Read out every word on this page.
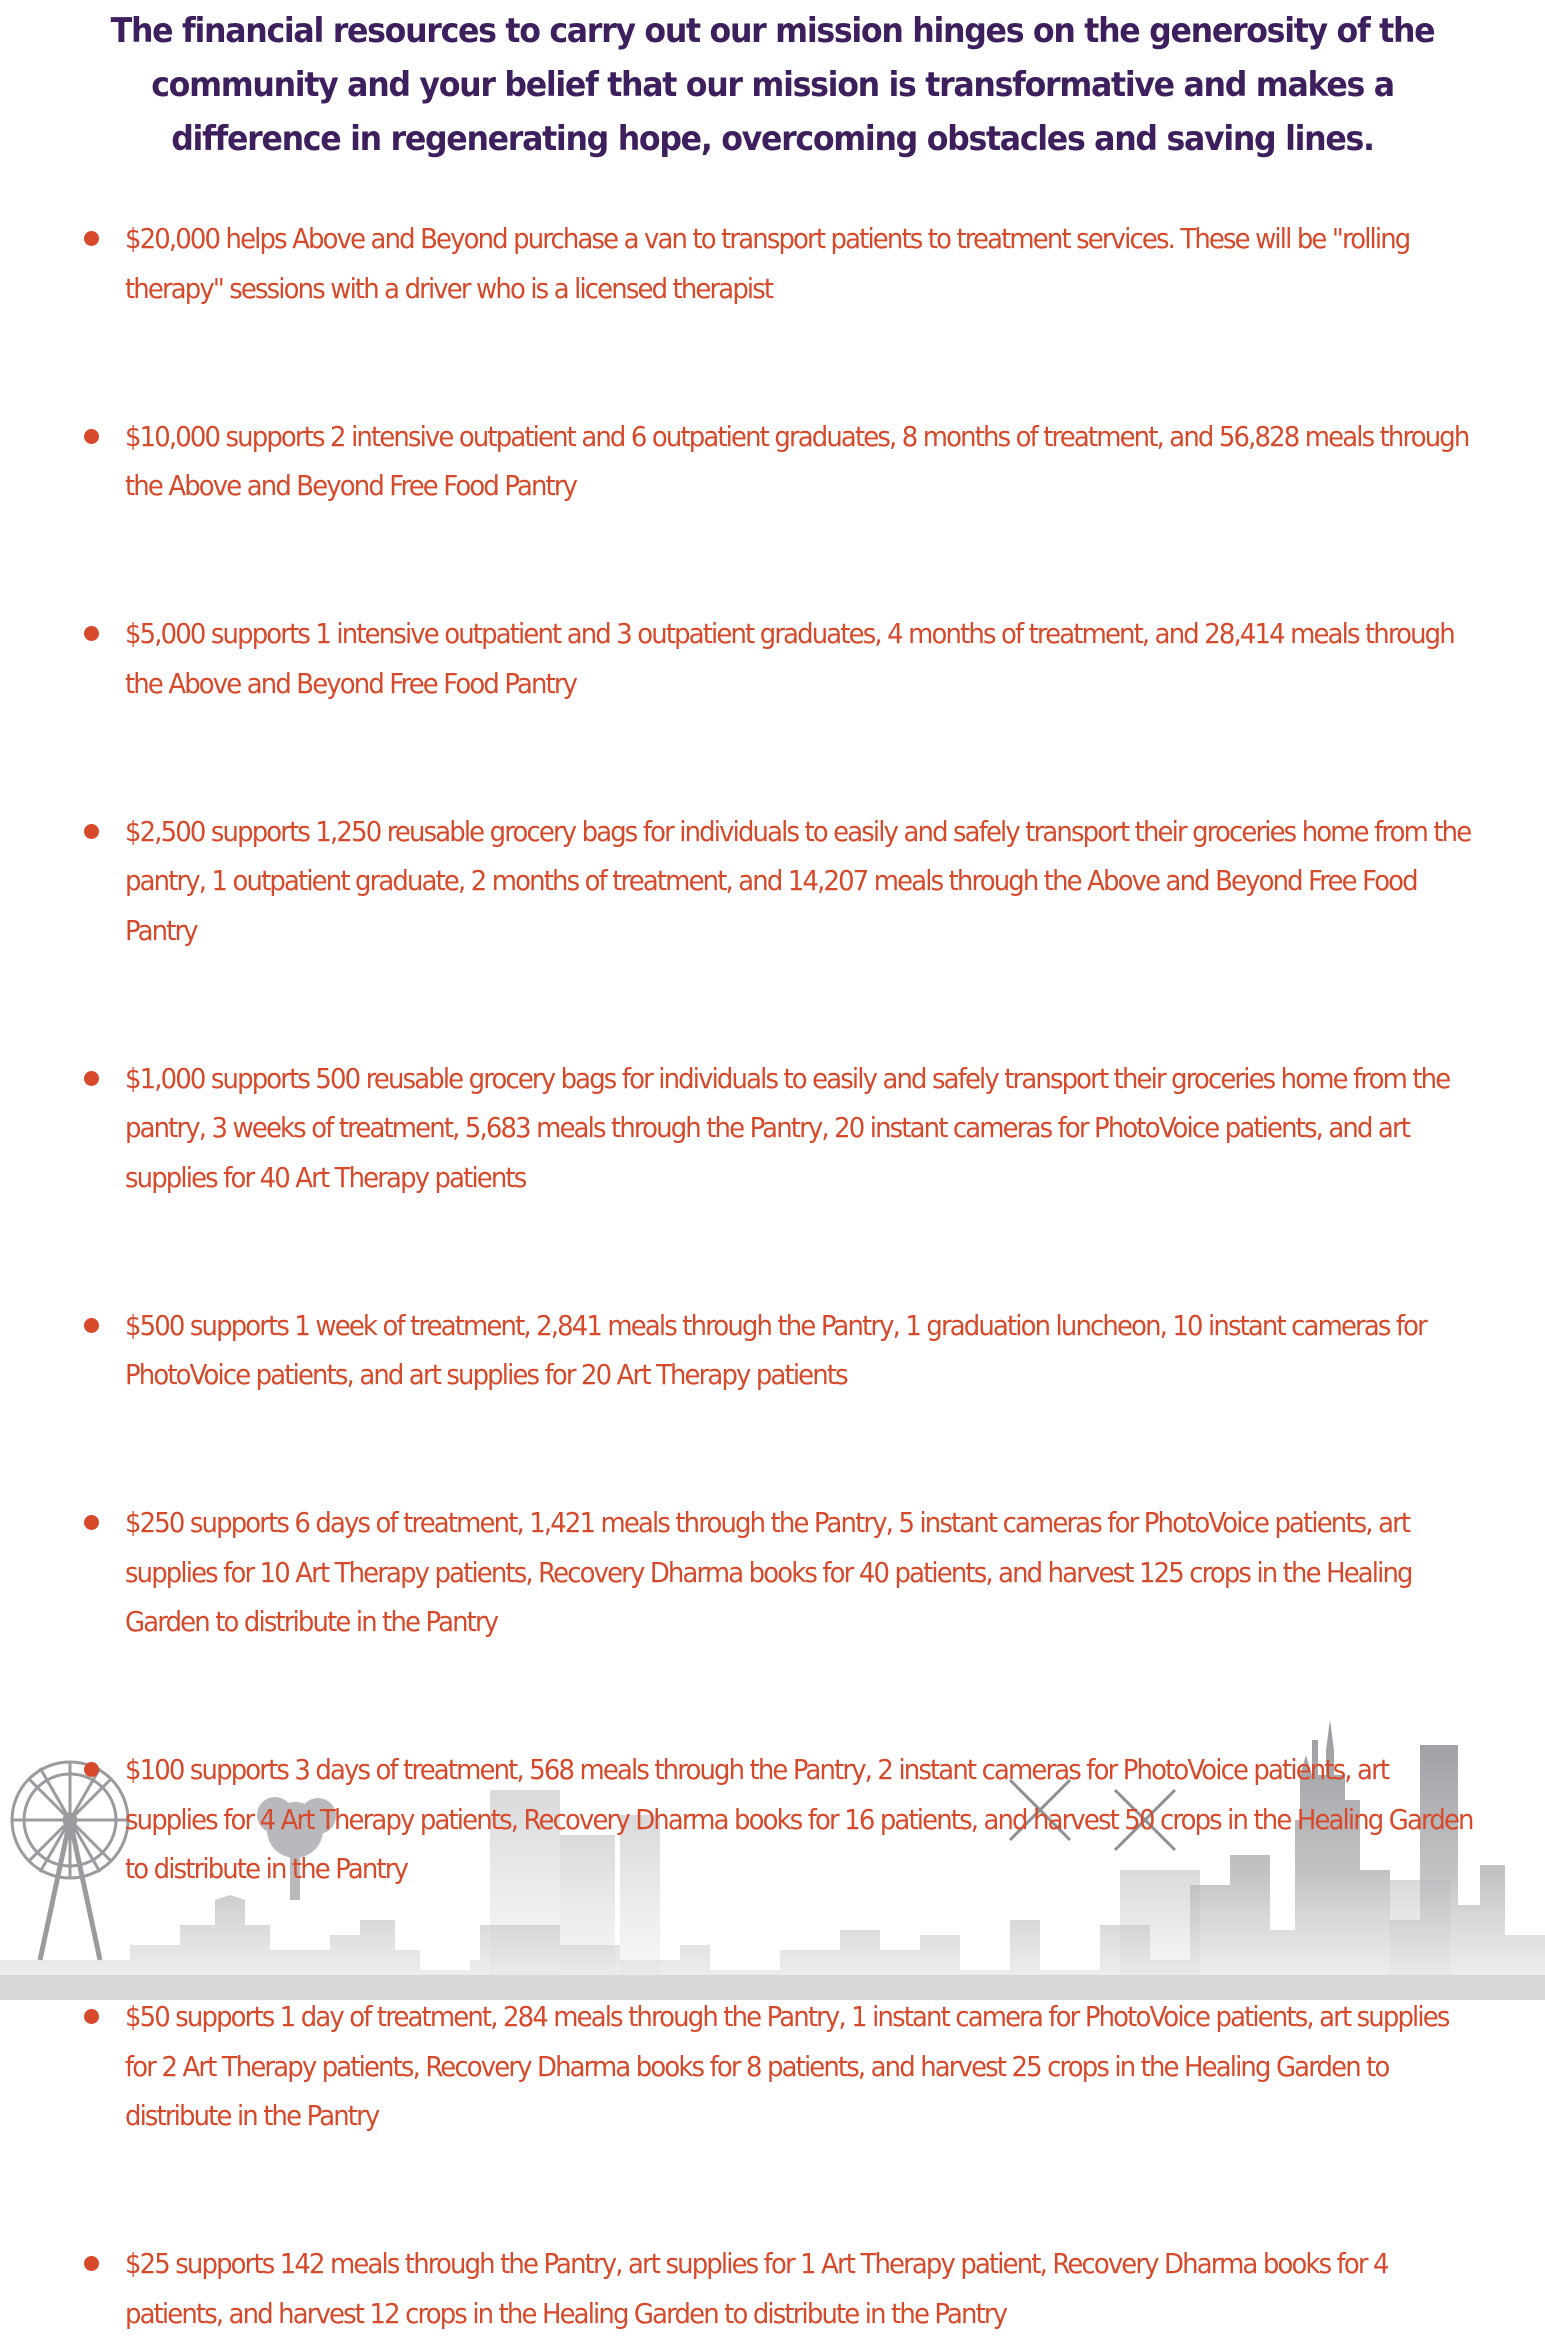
The financial resources to carry out our mission hinges on the generosity of the community and your belief that our mission is transformative and makes a difference in regenerating hope, overcoming obstacles and saving lines.

$20,000 helps Above and Beyond purchase a van to transport patients to treatment services. These will be "rolling therapy" sessions with a driver who is a licensed therapist
$10,000 supports 2 intensive outpatient and 6 outpatient graduates, 8 months of treatment, and 56,828 meals through the Above and Beyond Free Food Pantry
$5,000 supports 1 intensive outpatient and 3 outpatient graduates, 4 months of treatment, and 28,414 meals through the Above and Beyond Free Food Pantry
$2,500 supports 1,250 reusable grocery bags for individuals to easily and safely transport their groceries home from the pantry, 1 outpatient graduate, 2 months of treatment, and 14,207 meals through the Above and Beyond Free Food Pantry
$1,000 supports 500 reusable grocery bags for individuals to easily and safely transport their groceries home from the pantry, 3 weeks of treatment, 5,683 meals through the Pantry, 20 instant cameras for PhotoVoice patients, and art supplies for 40 Art Therapy patients
$500 supports 1 week of treatment, 2,841 meals through the Pantry, 1 graduation luncheon, 10 instant cameras for PhotoVoice patients, and art supplies for 20 Art Therapy patients
$250 supports 6 days of treatment, 1,421 meals through the Pantry, 5 instant cameras for PhotoVoice patients, art supplies for 10 Art Therapy patients, Recovery Dharma books for 40 patients, and harvest 125 crops in the Healing Garden to distribute in the Pantry
$100 supports 3 days of treatment, 568 meals through the Pantry, 2 instant cameras for PhotoVoice patients, art supplies for 4 Art Therapy patients, Recovery Dharma books for 16 patients, and harvest 50 crops in the Healing Garden to distribute in the Pantry
$50 supports 1 day of treatment, 284 meals through the Pantry, 1 instant camera for PhotoVoice patients, art supplies for 2 Art Therapy patients, Recovery Dharma books for 8 patients, and harvest 25 crops in the Healing Garden to distribute in the Pantry
$25 supports 142 meals through the Pantry, art supplies for 1 Art Therapy patient, Recovery Dharma books for 4 patients, and harvest 12 crops in the Healing Garden to distribute in the Pantry
